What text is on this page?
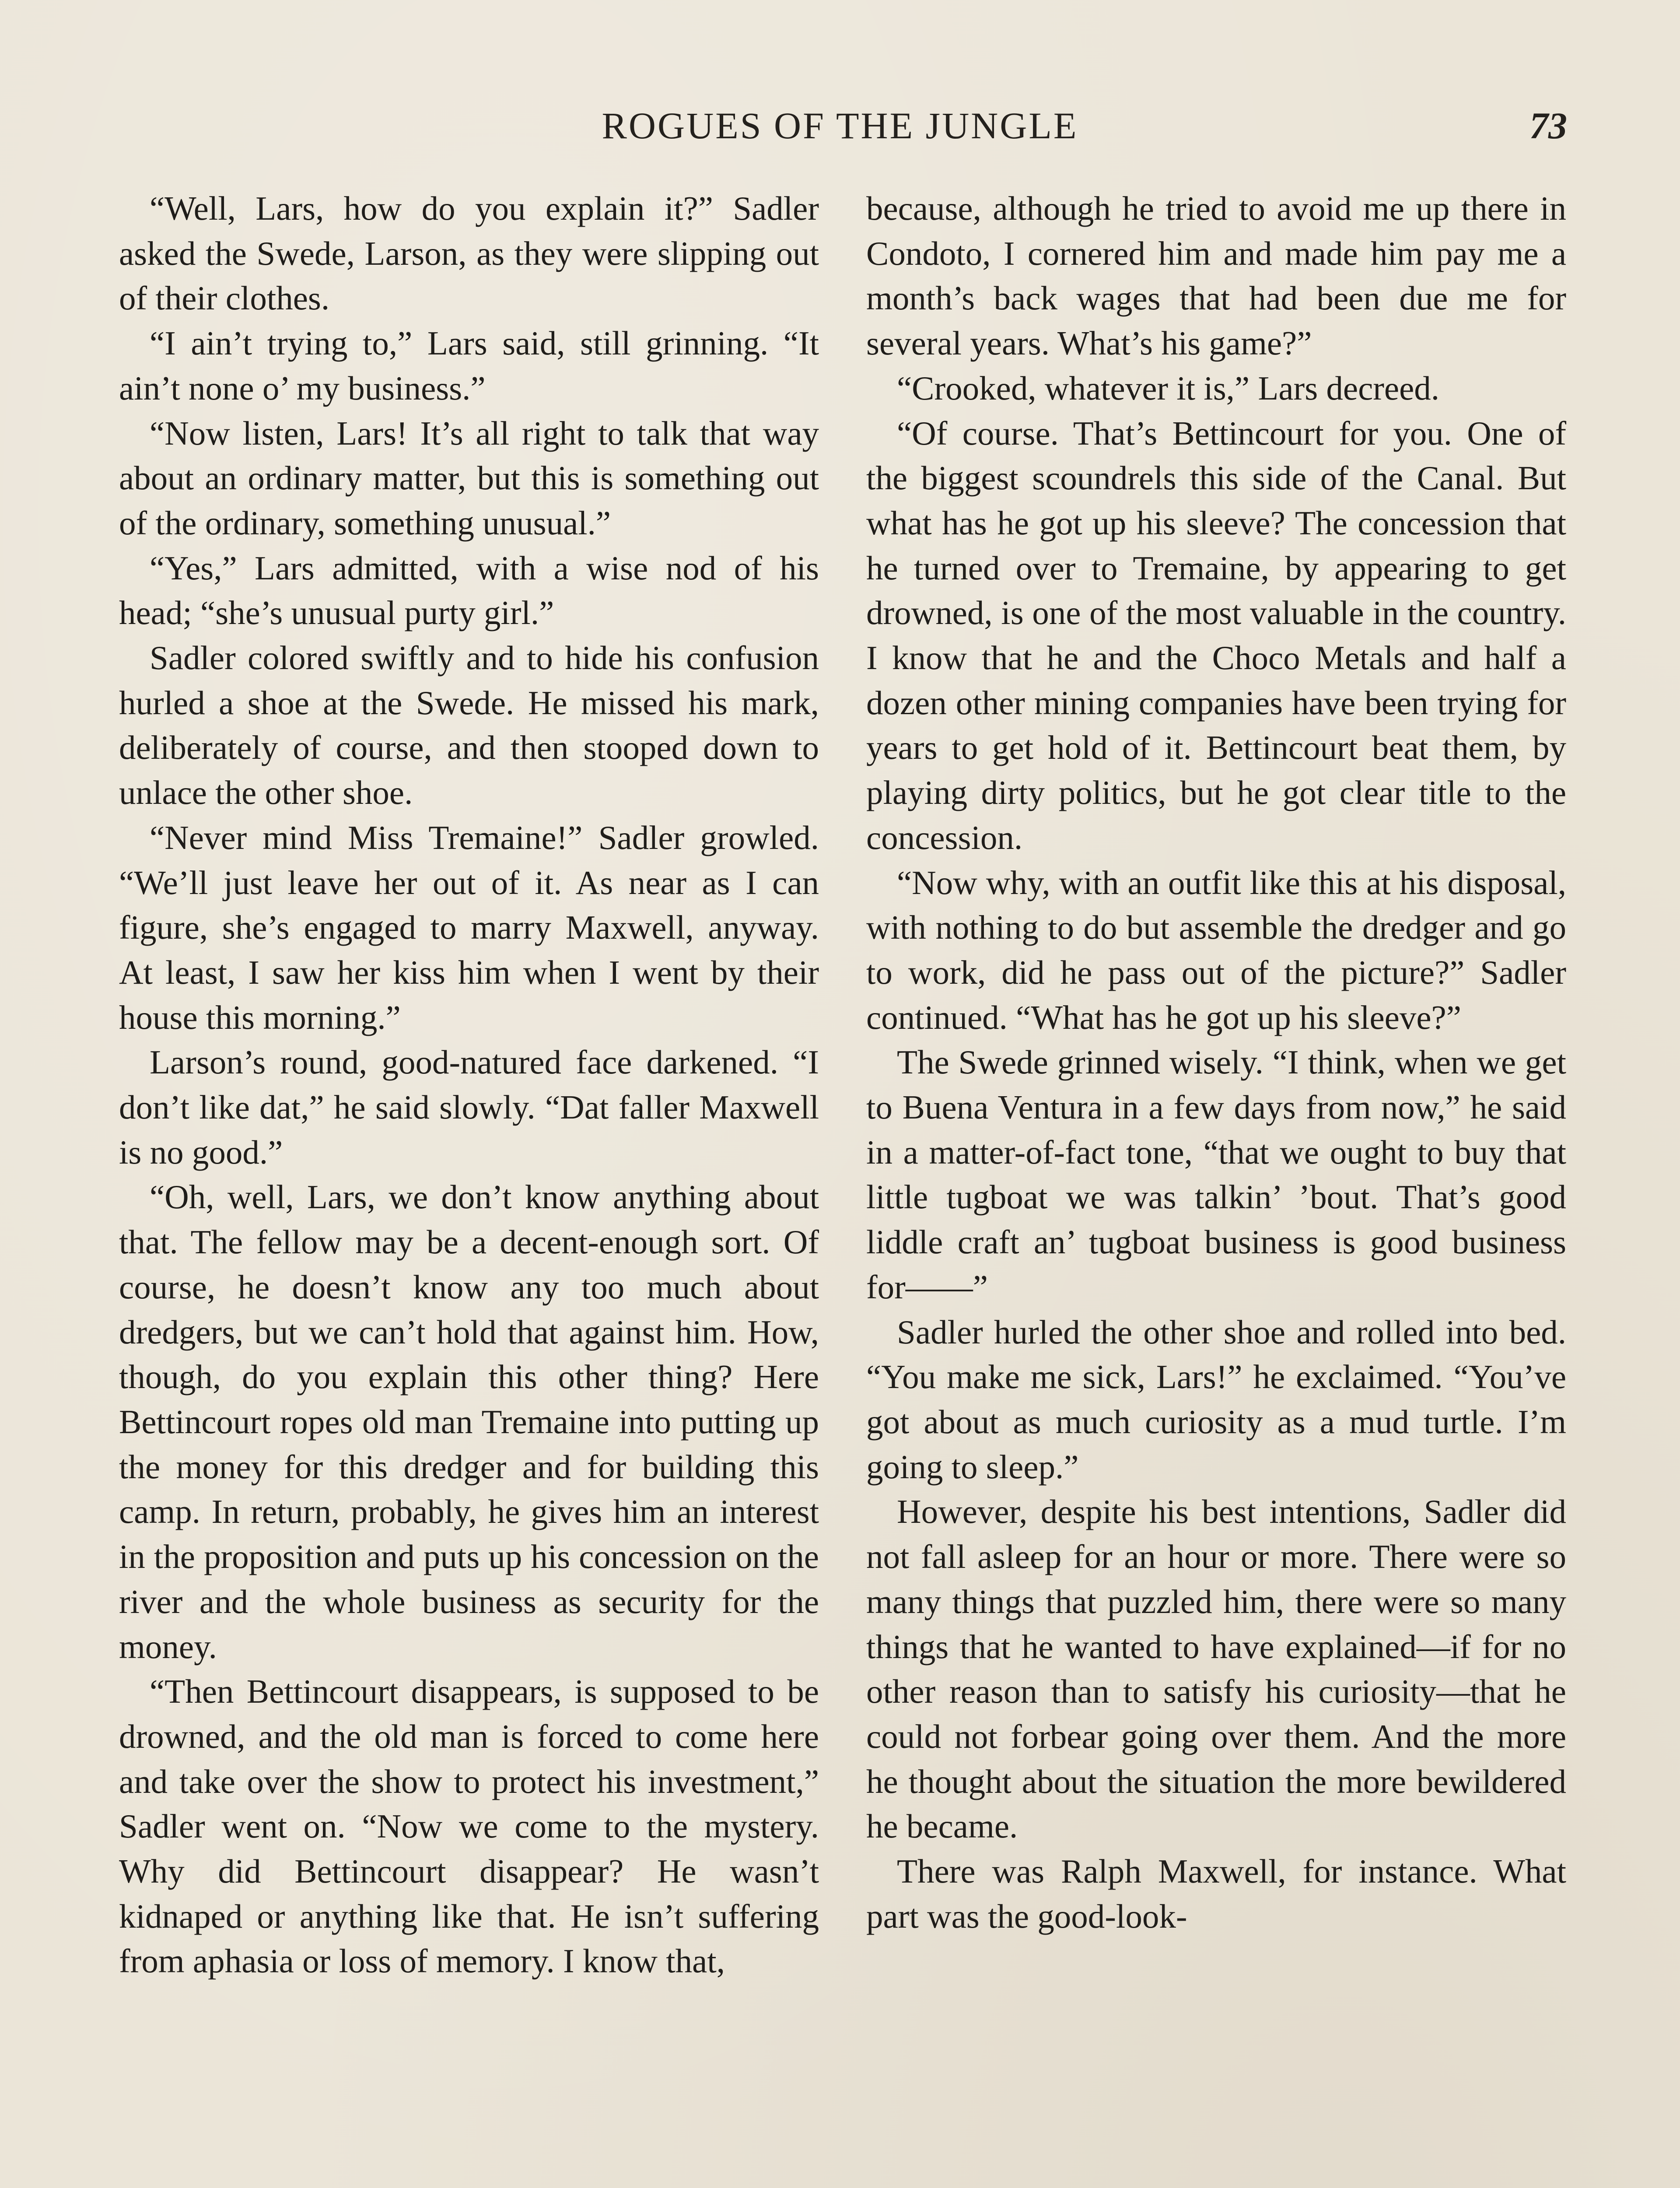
ROGUES OF THE JUNGLE	73

“Well, Lars, how do you explain it?” Sadler asked the Swede, Larson, as they were slipping out of their clothes.

“I ain’t trying to,” Lars said, still grinning. “It ain’t none o’ my business.”

“Now listen, Lars! It’s all right to talk that way about an ordinary matter, but this is something out of the ordinary, something unusual.”

“Yes,” Lars admitted, with a wise nod of his head; “she’s unusual purty girl.”

Sadler colored swiftly and to hide his confusion hurled a shoe at the Swede. He missed his mark, deliberately of course, and then stooped down to unlace the other shoe.

“Never mind Miss Tremaine!” Sadler growled. “We’ll just leave her out of it. As near as I can figure, she’s engaged to marry Maxwell, anyway. At least, I saw her kiss him when I went by their house this morning.”

Larson’s round, good-natured face darkened. “I don’t like dat,” he said slowly. “Dat faller Maxwell is no good.”

“Oh, well, Lars, we don’t know anything about that. The fellow may be a decent-enough sort. Of course, he doesn’t know any too much about dredgers, but we can’t hold that against him. How, though, do you explain this other thing? Here Bettincourt ropes old man Tremaine into putting up the money for this dredger and for building this camp. In return, probably, he gives him an interest in the proposition and puts up his concession on the river and the whole business as security for the money.

“Then Bettincourt disappears, is supposed to be drowned, and the old man is forced to come here and take over the show to protect his investment,” Sadler went on. “Now we come to the mystery. Why did Bettincourt disappear? He wasn’t kidnaped or anything like that. He isn’t suffering from aphasia or loss of memory. I know that,

because, although he tried to avoid me up there in Condoto, I cornered him and made him pay me a month’s back wages that had been due me for several years. What’s his game?”

“Crooked, whatever it is,” Lars decreed.

“Of course. That’s Bettincourt for you. One of the biggest scoundrels this side of the Canal. But what has he got up his sleeve? The concession that he turned over to Tremaine, by appearing to get drowned, is one of the most valuable in the country. I know that he and the Choco Metals and half a dozen other mining companies have been trying for years to get hold of it. Bettincourt beat them, by playing dirty politics, but he got clear title to the concession.

“Now why, with an outfit like this at his disposal, with nothing to do but assemble the dredger and go to work, did he pass out of the picture?” Sadler continued. “What has he got up his sleeve?”

The Swede grinned wisely. “I think, when we get to Buena Ventura in a few days from now,” he said in a matter-of-fact tone, “that we ought to buy that little tugboat we was talkin’ ’bout. That’s good liddle craft an’ tugboat business is good business for——”

Sadler hurled the other shoe and rolled into bed. “You make me sick, Lars!” he exclaimed. “You’ve got about as much curiosity as a mud turtle. I’m going to sleep.”

However, despite his best intentions, Sadler did not fall asleep for an hour or more. There were so many things that puzzled him, there were so many things that he wanted to have explained—if for no other reason than to satisfy his curiosity—that he could not forbear going over them. And the more he thought about the situation the more bewildered he became.

There was Ralph Maxwell, for instance. What part was the good-look-
